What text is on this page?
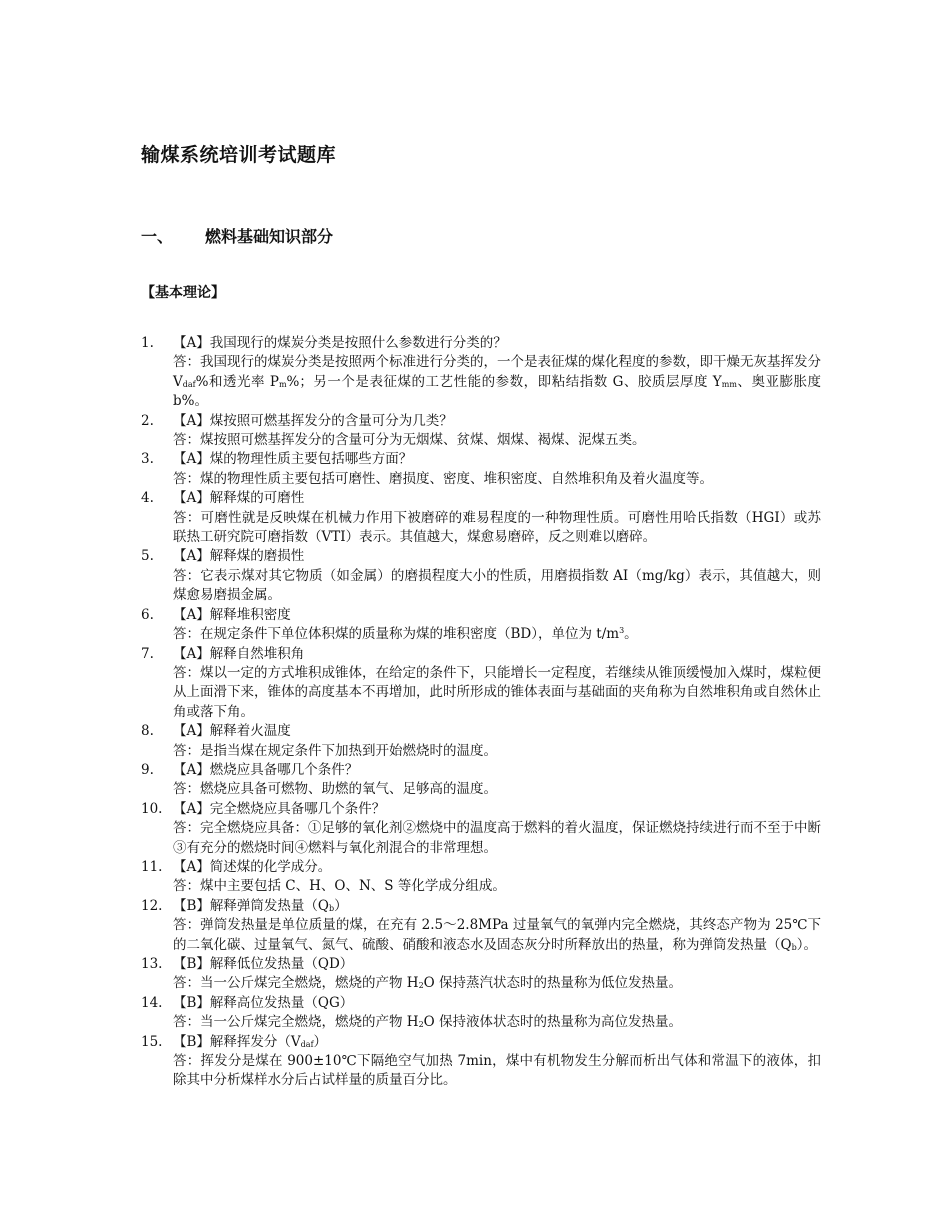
输煤系统培训考试题库
一、 燃料基础知识部分
【基本理论】
1. 【A】我国现行的煤炭分类是按照什么参数进行分类的？
答：我国现行的煤炭分类是按照两个标准进行分类的，一个是表征煤的煤化程度的参数，即干燥无灰基挥发分 $V_{daf}\%$和透光率 $P_m\%$；另一个是表征煤的工艺性能的参数，即粘结指数 G、胶质层厚度 $Y_{mm}$、奥亚膨胀度 b%。
2. 【A】煤按照可燃基挥发分的含量可分为几类？
答：煤按照可燃基挥发分的含量可分为无烟煤、贫煤、烟煤、褐煤、泥煤五类。
3. 【A】煤的物理性质主要包括哪些方面？
答：煤的物理性质主要包括可磨性、磨损度、密度、堆积密度、自然堆积角及着火温度等。
4. 【A】解释煤的可磨性
答：可磨性就是反映煤在机械力作用下被磨碎的难易程度的一种物理性质。可磨性用哈氏指数（HGI）或苏联热工研究院可磨指数（VTI）表示。其值越大，煤愈易磨碎，反之则难以磨碎。
5. 【A】解释煤的磨损性
答：它表示煤对其它物质（如金属）的磨损程度大小的性质，用磨损指数 AI（mg/kg）表示，其值越大，则煤愈易磨损金属。
6. 【A】解释堆积密度
答：在规定条件下单位体积煤的质量称为煤的堆积密度（BD），单位为 $t/m^3$。
7. 【A】解释自然堆积角
答：煤以一定的方式堆积成锥体，在给定的条件下，只能增长一定程度，若继续从锥顶缓慢加入煤时，煤粒便从上面滑下来，锥体的高度基本不再增加，此时所形成的锥体表面与基础面的夹角称为自然堆积角或自然休止角或落下角。
8. 【A】解释着火温度
答：是指当煤在规定条件下加热到开始燃烧时的温度。
9. 【A】燃烧应具备哪几个条件？
答：燃烧应具备可燃物、助燃的氧气、足够高的温度。
10. 【A】完全燃烧应具备哪几个条件？
答：完全燃烧应具备：①足够的氧化剂②燃烧中的温度高于燃料的着火温度，保证燃烧持续进行而不至于中断③有充分的燃烧时间④燃料与氧化剂混合的非常理想。
11. 【A】简述煤的化学成分。
答：煤中主要包括 C、H、O、N、S 等化学成分组成。
12. 【B】解释弹筒发热量$(Q_b)$
答：弹筒发热量是单位质量的煤，在充有 2.5～2.8MPa 过量氧气的氧弹内完全燃烧，其终态产物为 25℃下的二氧化碳、过量氧气、氮气、硫酸、硝酸和液态水及固态灰分时所释放出的热量，称为弹筒发热量$(Q_b)$。
13. 【B】解释低位发热量（QD）
答：当一公斤煤完全燃烧，燃烧的产物 $H_2O$ 保持蒸汽状态时的热量称为低位发热量。
14. 【B】解释高位发热量（QG）
答：当一公斤煤完全燃烧，燃烧的产物 $H_2O$ 保持液体状态时的热量称为高位发热量。
15. 【B】解释挥发分$(V_{daf})$
答：挥发分是煤在 900±10℃下隔绝空气加热 7min，煤中有机物发生分解而析出气体和常温下的液体，扣除其中分析煤样水分后占试样量的质量百分比。
